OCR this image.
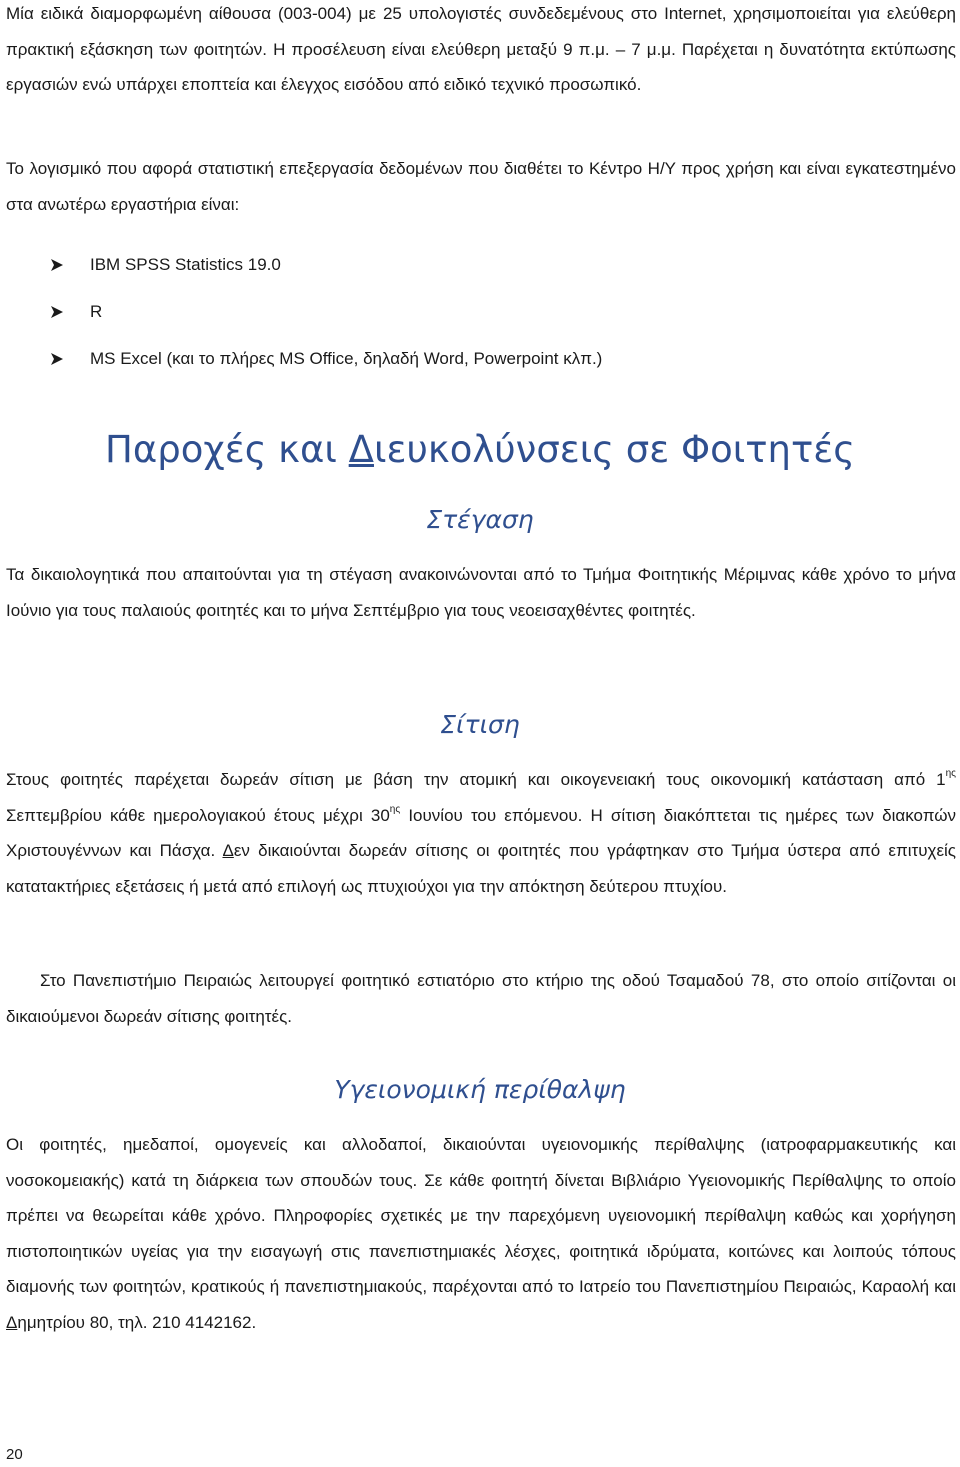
Μία ειδικά διαμορφωμένη αίθουσα (003-004) με 25 υπολογιστές συνδεδεμένους στο Internet, χρησιμοποιείται για ελεύθερη πρακτική εξάσκηση των φοιτητών. Η προσέλευση είναι ελεύθερη μεταξύ 9 π.μ. – 7 μ.μ. Παρέχεται η δυνατότητα εκτύπωσης εργασιών ενώ υπάρχει εποπτεία και έλεγχος εισόδου από ειδικό τεχνικό προσωπικό.

Το λογισμικό που αφορά στατιστική επεξεργασία δεδομένων που διαθέτει το Κέντρο Η/Υ προς χρήση και είναι εγκατεστημένο στα ανωτέρω εργαστήρια είναι:

IBM SPSS Statistics 19.0
R
MS Excel (και το πλήρες MS Office, δηλαδή Word, Powerpoint κλπ.)
Παροχές και Διευκολύνσεις σε Φοιτητές
Στέγαση

Τα δικαιολογητικά που απαιτούνται για τη στέγαση ανακοινώνονται από το Τμήμα Φοιτητικής Μέριμνας κάθε χρόνο το μήνα Ιούνιο για τους παλαιούς φοιτητές και το μήνα Σεπτέμβριο για τους νεοεισαχθέντες φοιτητές.

Σίτιση

Στους φοιτητές παρέχεται δωρεάν σίτιση με βάση την ατομική και οικογενειακή τους οικονομική κατάσταση από $1^{\eta\varsigma}$ Σεπτεμβρίου κάθε ημερολογιακού έτους μέχρι $30^{\eta\varsigma}$ Ιουνίου του επόμενου. Η σίτιση διακόπτεται τις ημέρες των διακοπών Χριστουγέννων και Πάσχα. Δεν δικαιούνται δωρεάν σίτισης οι φοιτητές που γράφτηκαν στο Τμήμα ύστερα από επιτυχείς κατατακτήριες εξετάσεις ή μετά από επιλογή ως πτυχιούχοι για την απόκτηση δεύτερου πτυχίου.

Στο Πανεπιστήμιο Πειραιώς λειτουργεί φοιτητικό εστιατόριο στο κτήριο της οδού Τσαμαδού 78, στο οποίο σιτίζονται οι δικαιούμενοι δωρεάν σίτισης φοιτητές.

Υγειονομική περίθαλψη

Οι φοιτητές, ημεδαποί, ομογενείς και αλλοδαποί, δικαιούνται υγειονομικής περίθαλψης (ιατροφαρμακευτικής και νοσοκομειακής) κατά τη διάρκεια των σπουδών τους. Σε κάθε φοιτητή δίνεται Βιβλιάριο Υγειονομικής Περίθαλψης το οποίο πρέπει να θεωρείται κάθε χρόνο. Πληροφορίες σχετικές με την παρεχόμενη υγειονομική περίθαλψη καθώς και χορήγηση πιστοποιητικών υγείας για την εισαγωγή στις πανεπιστημιακές λέσχες, φοιτητικά ιδρύματα, κοιτώνες και λοιπούς τόπους διαμονής των φοιτητών, κρατικούς ή πανεπιστημιακούς, παρέχονται από το Ιατρείο του Πανεπιστημίου Πειραιώς, Καραολή και Δημητρίου 80, τηλ. 210 4142162.

20
